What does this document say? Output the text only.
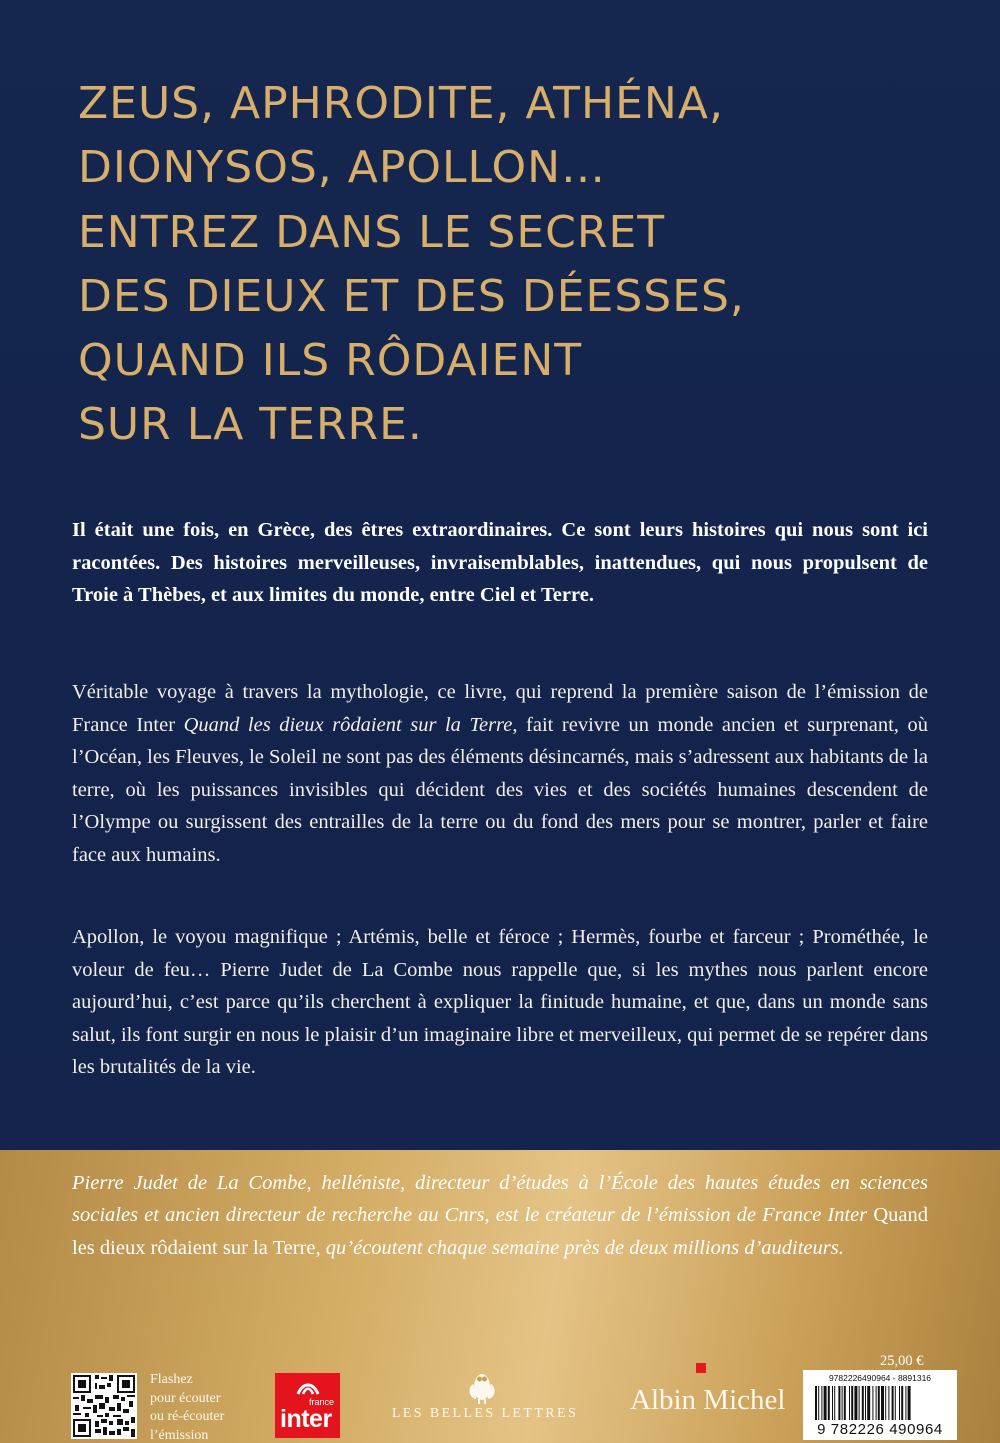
ZEUS, APHRODITE, ATHÉNA,
DIONYSOS, APOLLON…
ENTREZ DANS LE SECRET
DES DIEUX ET DES DÉESSES,
QUAND ILS RÔDAIENT
SUR LA TERRE.

Il était une fois, en Grèce, des êtres extraordinaires. Ce sont leurs histoires qui nous sont ici racontées. Des histoires merveilleuses, invraisemblables, inattendues, qui nous propulsent de Troie à Thèbes, et aux limites du monde, entre Ciel et Terre.

Véritable voyage à travers la mythologie, ce livre, qui reprend la première saison de l’émission de France Inter Quand les dieux rôdaient sur la Terre, fait revivre un monde ancien et surprenant, où l’Océan, les Fleuves, le Soleil ne sont pas des éléments désincarnés, mais s’adressent aux habitants de la terre, où les puissances invisibles qui décident des vies et des sociétés humaines descendent de l’Olympe ou surgissent des entrailles de la terre ou du fond des mers pour se montrer, parler et faire face aux humains.

Apollon, le voyou magnifique ; Artémis, belle et féroce ; Hermès, fourbe et farceur ; Prométhée, le voleur de feu… Pierre Judet de La Combe nous rappelle que, si les mythes nous parlent encore aujourd’hui, c’est parce qu’ils cherchent à expliquer la finitude humaine, et que, dans un monde sans salut, ils font surgir en nous le plaisir d’un imaginaire libre et merveilleux, qui permet de se repérer dans les brutalités de la vie.

Pierre Judet de La Combe, helléniste, directeur d’études à l’École des hautes études en sciences sociales et ancien directeur de recherche au Cnrs, est le créateur de l’émission de France Inter Quand les dieux rôdaient sur la Terre, qu’écoutent chaque semaine près de deux millions d’auditeurs.

Flashez
pour écouter
ou ré-écouter
l’émission
france
inter	LES BELLES LETTRES	Albin Michel
25,00 €
9782226490964 - 8891316
9 782226 490964
